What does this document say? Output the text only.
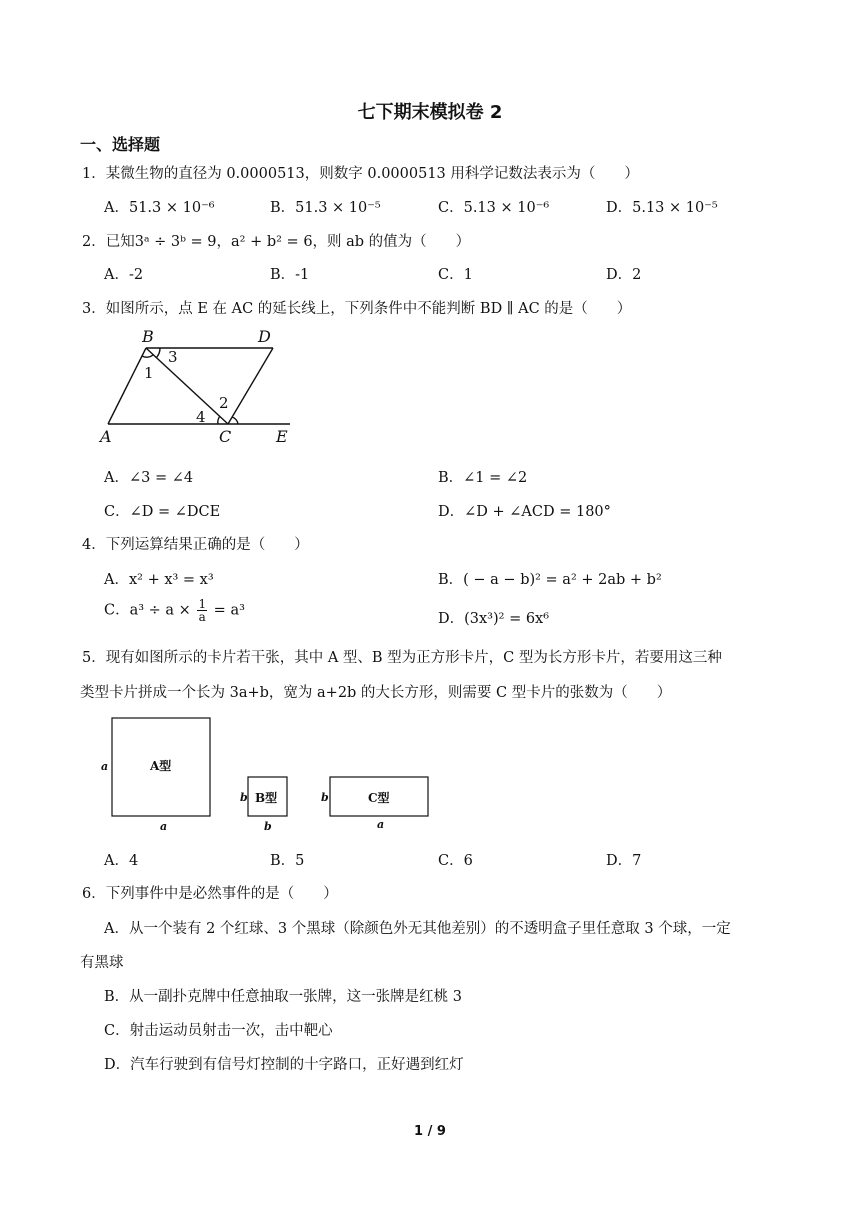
七下期末模拟卷 2
一、选择题
1．某微生物的直径为 0.0000513，则数字 0.0000513 用科学记数法表示为（　　）
A．51.3 × 10⁻⁶	B．51.3 × 10⁻⁵	C．5.13 × 10⁻⁶	D．5.13 × 10⁻⁵
2．已知3ᵃ ÷ 3ᵇ = 9，a² + b² = 6，则 ab 的值为（　　）
A．-2	B．-1	C．1	D．2
3．如图所示，点 E 在 AC 的延长线上，下列条件中不能判断 BD ∥ AC 的是（　　）
B	D
A	C	E
3
1
2
4
A．∠3 = ∠4	B．∠1 = ∠2
C．∠D = ∠DCE	D．∠D + ∠ACD = 180°
4．下列运算结果正确的是（　　）
A．x² + x³ = x³	B．( − a − b)² = a² + 2ab + b²
C．$a^3 \div a \times \frac{1}{a} = a^3$
D．(3x³)² = 6x⁶
5．现有如图所示的卡片若干张，其中 A 型、B 型为正方形卡片，C 型为长方形卡片，若要用这三种
类型卡片拼成一个长为 3a+b，宽为 a+2b 的大长方形，则需要 C 型卡片的张数为（　　）
a
a
b
b
b
a
A型
B型	C型
A．4	B．5	C．6	D．7
6．下列事件中是必然事件的是（　　）
A．从一个装有 2 个红球、3 个黑球（除颜色外无其他差别）的不透明盒子里任意取 3 个球，一定
有黑球
B．从一副扑克牌中任意抽取一张牌，这一张牌是红桃 3
C．射击运动员射击一次，击中靶心
D．汽车行驶到有信号灯控制的十字路口，正好遇到红灯
1 / 9
